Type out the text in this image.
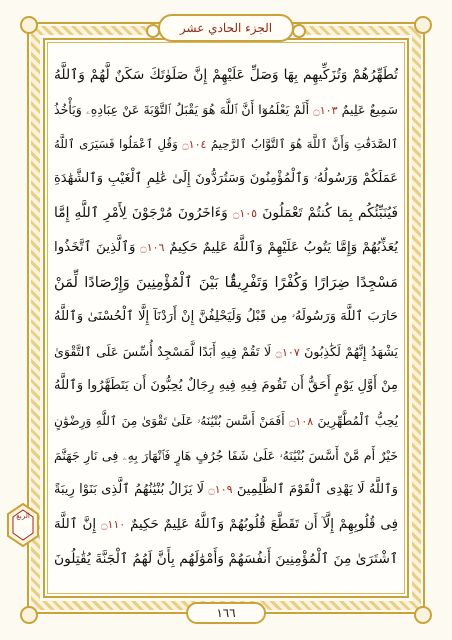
الجزء الحادي عشر
تُطَهِّرُهُمْ وَتُزَكِّيهِم بِهَا وَصَلِّ عَلَيْهِمْ إِنَّ صَلَوٰتَكَ سَكَنٌ لَّهُمْ وَٱللَّهُ
سَمِيعٌ عَلِيمٌ ۝١٠٣ أَلَمْ يَعْلَمُوٓا أَنَّ ٱللَّهَ هُوَ يَقْبَلُ ٱلتَّوْبَةَ عَنْ عِبَادِهِۦ وَيَأْخُذُ
ٱلصَّدَقَٰتِ وَأَنَّ ٱللَّهَ هُوَ ٱلتَّوَّابُ ٱلرَّحِيمُ ۝١٠٤ وَقُلِ ٱعْمَلُوا فَسَيَرَى ٱللَّهُ
عَمَلَكُمْ وَرَسُولُهُۥ وَٱلْمُؤْمِنُونَ وَسَتُرَدُّونَ إِلَىٰ عَٰلِمِ ٱلْغَيْبِ وَٱلشَّهَٰدَةِ
فَيُنَبِّئُكُم بِمَا كُنتُمْ تَعْمَلُونَ ۝١٠٥ وَءَاخَرُونَ مُرْجَوْنَ لِأَمْرِ ٱللَّهِ إِمَّا
يُعَذِّبُهُمْ وَإِمَّا يَتُوبُ عَلَيْهِمْ وَٱللَّهُ عَلِيمٌ حَكِيمٌ ۝١٠٦ وَٱلَّذِينَ ٱتَّخَذُوا
مَسْجِدًا ضِرَارًا وَكُفْرًا وَتَفْرِيقًۢا بَيْنَ ٱلْمُؤْمِنِينَ وَإِرْصَادًا لِّمَنْ
حَارَبَ ٱللَّهَ وَرَسُولَهُۥ مِن قَبْلُ وَلَيَحْلِفُنَّ إِنْ أَرَدْنَآ إِلَّا ٱلْحُسْنَىٰ وَٱللَّهُ
يَشْهَدُ إِنَّهُمْ لَكَٰذِبُونَ ۝١٠٧ لَا تَقُمْ فِيهِ أَبَدًا لَّمَسْجِدٌ أُسِّسَ عَلَى ٱلتَّقْوَىٰ
مِنْ أَوَّلِ يَوْمٍ أَحَقُّ أَن تَقُومَ فِيهِ فِيهِ رِجَالٌ يُحِبُّونَ أَن يَتَطَهَّرُوا وَٱللَّهُ
يُحِبُّ ٱلْمُطَّهِّرِينَ ۝١٠٨ أَفَمَنْ أَسَّسَ بُنْيَٰنَهُۥ عَلَىٰ تَقْوَىٰ مِنَ ٱللَّهِ وَرِضْوَٰنٍ
خَيْرٌ أَم مَّنْ أَسَّسَ بُنْيَٰنَهُۥ عَلَىٰ شَفَا جُرُفٍ هَارٍ فَٱنْهَارَ بِهِۦ فِى نَارِ جَهَنَّمَ
وَٱللَّهُ لَا يَهْدِى ٱلْقَوْمَ ٱلظَّٰلِمِينَ ۝١٠٩ لَا يَزَالُ بُنْيَٰنُهُمُ ٱلَّذِى بَنَوْا رِيبَةً
فِى قُلُوبِهِمْ إِلَّآ أَن تَقَطَّعَ قُلُوبُهُمْ وَٱللَّهُ عَلِيمٌ حَكِيمٌ ۝١١٠ إِنَّ ٱللَّهَ
ٱشْتَرَىٰ مِنَ ٱلْمُؤْمِنِينَ أَنفُسَهُمْ وَأَمْوَٰلَهُم بِأَنَّ لَهُمُ ٱلْجَنَّةَ يُقَٰتِلُونَ
الربع
١٦٦
